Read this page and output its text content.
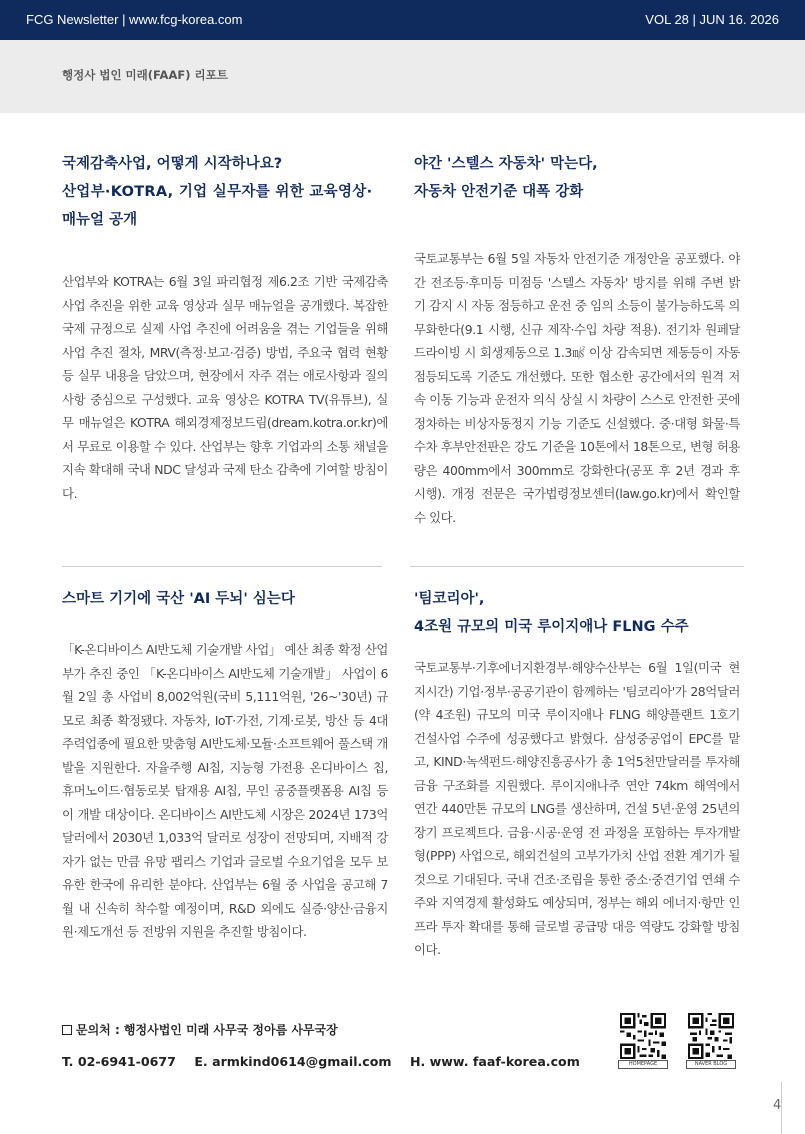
FCG Newsletter | www.fcg-korea.com	VOL 28 | JUN 16. 2026
행정사 법인 미래(FAAF) 리포트
국제감축사업, 어떻게 시작하나요?
산업부·KOTRA, 기업 실무자를 위한 교육영상·
매뉴얼 공개
산업부와 KOTRA는 6월 3일 파리협정 제6.2조 기반 국제감축사업 추진을 위한 교육 영상과 실무 매뉴얼을 공개했다. 복잡한 국제 규정으로 실제 사업 추진에 어려움을 겪는 기업들을 위해 사업 추진 절차, MRV(측정·보고·검증) 방법, 주요국 협력 현황 등 실무 내용을 담았으며, 현장에서 자주 겪는 애로사항과 질의사항 중심으로 구성했다. 교육 영상은 KOTRA TV(유튜브), 실무 매뉴얼은 KOTRA 해외경제정보드림(dream.kotra.or.kr)에서 무료로 이용할 수 있다. 산업부는 향후 기업과의 소통 채널을 지속 확대해 국내 NDC 달성과 국제 탄소 감축에 기여할 방침이다.
야간 '스텔스 자동차' 막는다,
자동차 안전기준 대폭 강화
국토교통부는 6월 5일 자동차 안전기준 개정안을 공포했다. 야간 전조등·후미등 미점등 '스텔스 자동차' 방지를 위해 주변 밝기 감지 시 자동 점등하고 운전 중 임의 소등이 불가능하도록 의무화한다(9.1 시행, 신규 제작·수입 차량 적용). 전기차 원페달 드라이빙 시 회생제동으로 1.3㎨ 이상 감속되면 제동등이 자동 점등되도록 기준도 개선했다. 또한 협소한 공간에서의 원격 저속 이동 기능과 운전자 의식 상실 시 차량이 스스로 안전한 곳에 정차하는 비상자동정지 기능 기준도 신설했다. 중·대형 화물·특수차 후부안전판은 강도 기준을 10톤에서 18톤으로, 변형 허용량은 400mm에서 300mm로 강화한다(공포 후 2년 경과 후 시행). 개정 전문은 국가법령정보센터(law.go.kr)에서 확인할 수 있다.
스마트 기기에 국산 'AI 두뇌' 심는다
「K-온디바이스 AI반도체 기술개발 사업」 예산 최종 확정 산업부가 추진 중인 「K-온디바이스 AI반도체 기술개발」 사업이 6월 2일 총 사업비 8,002억원(국비 5,111억원, '26~'30년) 규모로 최종 확정됐다. 자동차, IoT·가전, 기계·로봇, 방산 등 4대 주력업종에 필요한 맞춤형 AI반도체·모듈·소프트웨어 풀스택 개발을 지원한다. 자율주행 AI칩, 지능형 가전용 온디바이스 칩, 휴머노이드·협동로봇 탑재용 AI칩, 무인 공중플랫폼용 AI칩 등이 개발 대상이다. 온디바이스 AI반도체 시장은 2024년 173억 달러에서 2030년 1,033억 달러로 성장이 전망되며, 지배적 강자가 없는 만큼 유망 팹리스 기업과 글로벌 수요기업을 모두 보유한 한국에 유리한 분야다. 산업부는 6월 중 사업을 공고해 7월 내 신속히 착수할 예정이며, R&D 외에도 실증·양산·금융지원·제도개선 등 전방위 지원을 추진할 방침이다.
'팀코리아',
4조원 규모의 미국 루이지애나 FLNG 수주
국토교통부·기후에너지환경부·해양수산부는 6월 1일(미국 현지시간) 기업·정부·공공기관이 함께하는 '팀코리아'가 28억달러(약 4조원) 규모의 미국 루이지애나 FLNG 해양플랜트 1호기 건설사업 수주에 성공했다고 밝혔다. 삼성중공업이 EPC를 맡고, KIND·녹색펀드·해양진흥공사가 총 1억5천만달러를 투자해 금융 구조화를 지원했다. 루이지애나주 연안 74km 해역에서 연간 440만톤 규모의 LNG를 생산하며, 건설 5년·운영 25년의 장기 프로젝트다. 금융·시공·운영 전 과정을 포함하는 투자개발형(PPP) 사업으로, 해외건설의 고부가가치 산업 전환 계기가 될 것으로 기대된다. 국내 건조·조립을 통한 중소·중견기업 연쇄 수주와 지역경제 활성화도 예상되며, 정부는 해외 에너지·항만 인프라 투자 확대를 통해 글로벌 공급망 대응 역량도 강화할 방침이다.
문의처 : 행정사법인 미래 사무국 정아름 사무국장
T. 02-6941-0677 E. armkind0614@gmail.com H. www. faaf-korea.com	HOMEPAGE	NAVER BLOG
4
